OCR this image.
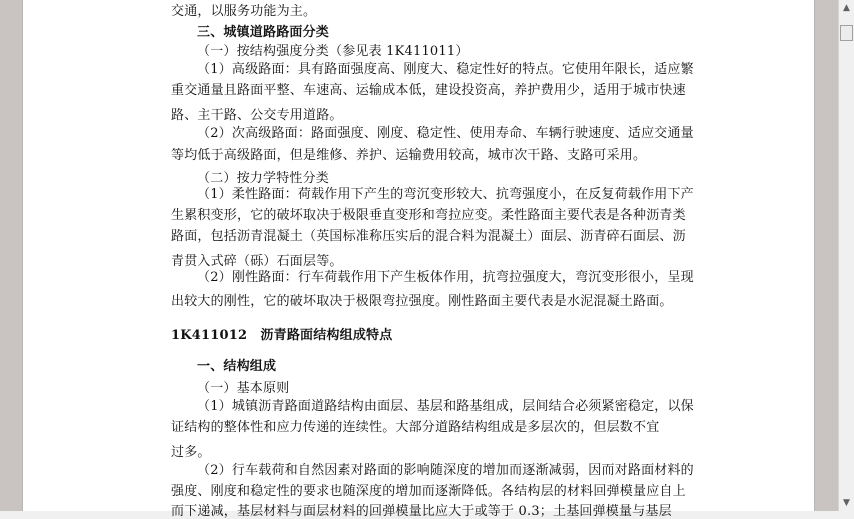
交通，以服务功能为主。
三、城镇道路路面分类
（一）按结构强度分类（参见表 1K411011）
（1）高级路面：具有路面强度高、刚度大、稳定性好的特点。它使用年限长，适应繁
重交通量且路面平整、车速高、运输成本低，建设投资高，养护费用少，适用于城市快速
路、主干路、公交专用道路。
（2）次高级路面：路面强度、刚度、稳定性、使用寿命、车辆行驶速度、适应交通量
等均低于高级路面，但是维修、养护、运输费用较高，城市次干路、支路可采用。
（二）按力学特性分类
（1）柔性路面：荷载作用下产生的弯沉变形较大、抗弯强度小，在反复荷载作用下产
生累积变形，它的破坏取决于极限垂直变形和弯拉应变。柔性路面主要代表是各种沥青类
路面，包括沥青混凝土（英国标准称压实后的混合料为混凝土）面层、沥青碎石面层、沥
青贯入式碎（砾）石面层等。
（2）刚性路面：行车荷载作用下产生板体作用，抗弯拉强度大，弯沉变形很小，呈现
出较大的刚性，它的破坏取决于极限弯拉强度。刚性路面主要代表是水泥混凝土路面。
1K411012　沥青路面结构组成特点
一、结构组成
（一）基本原则
（1）城镇沥青路面道路结构由面层、基层和路基组成，层间结合必须紧密稳定，以保
证结构的整体性和应力传递的连续性。大部分道路结构组成是多层次的，但层数不宜
过多。
（2）行车载荷和自然因素对路面的影响随深度的增加而逐渐减弱，因而对路面材料的
强度、刚度和稳定性的要求也随深度的增加而逐渐降低。各结构层的材料回弹模量应自上
而下递减，基层材料与面层材料的回弹模量比应大于或等于 0.3；土基回弹模量与基层
▲
▼
